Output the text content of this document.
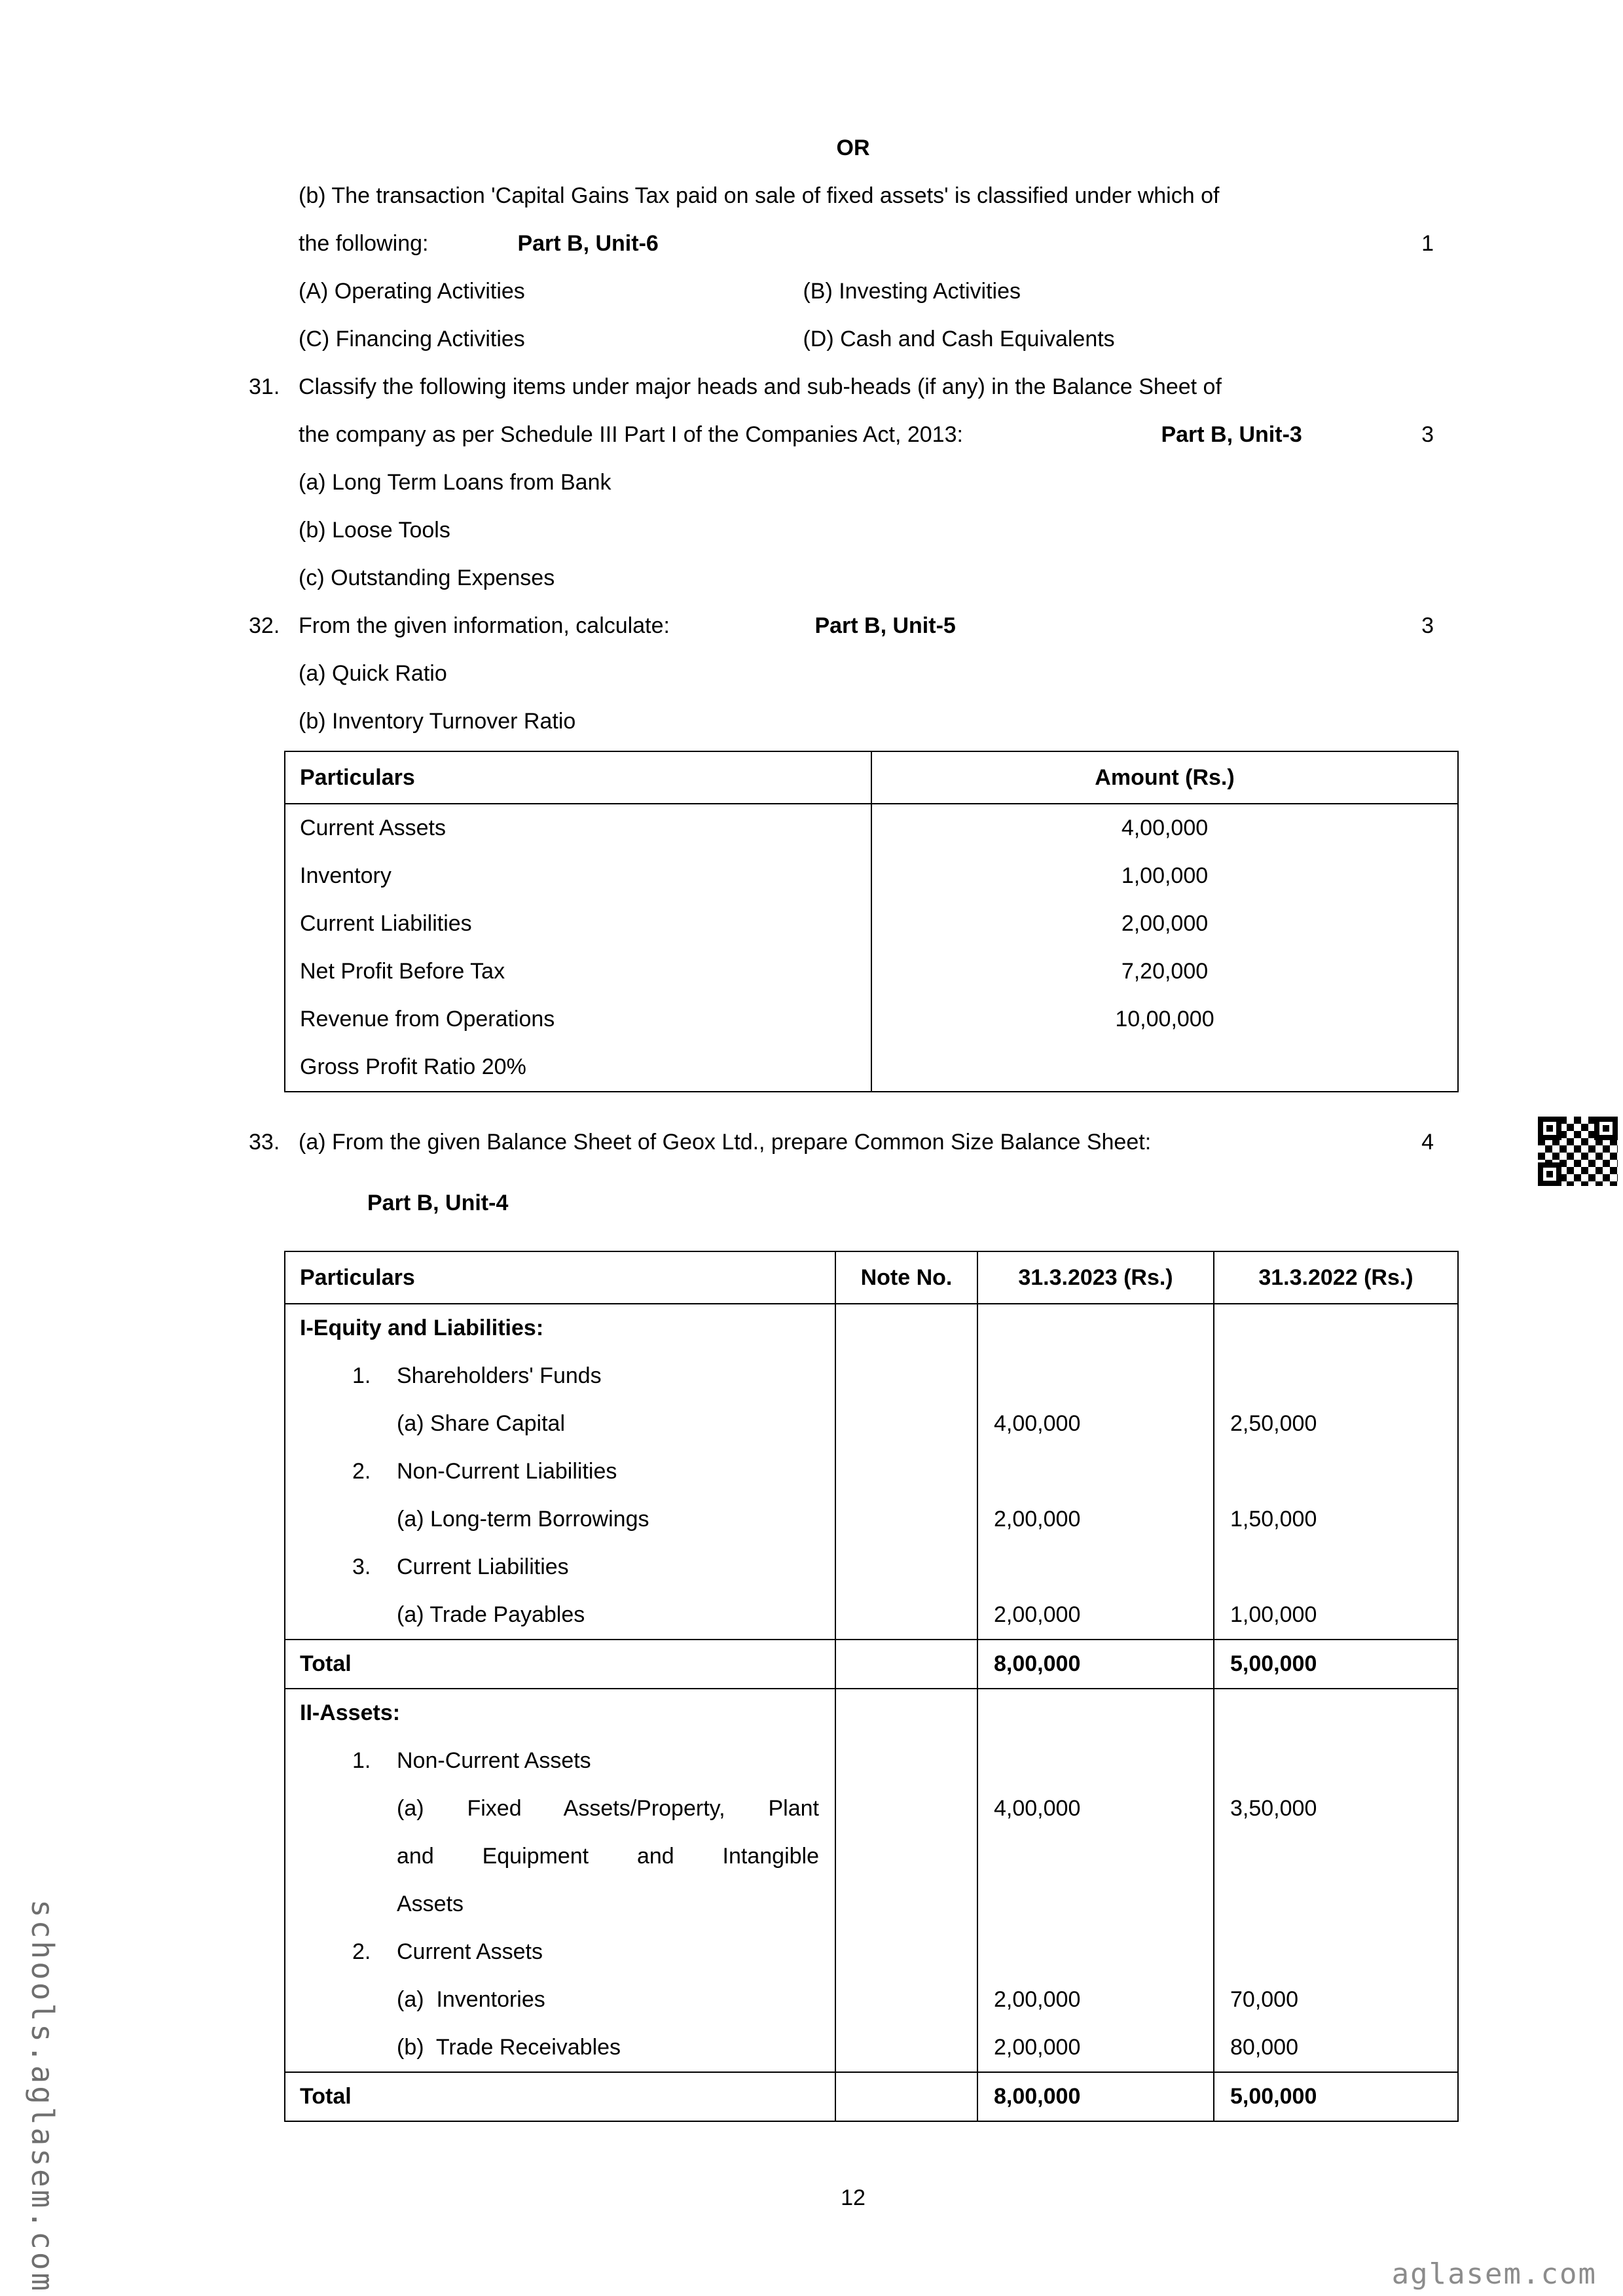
OR
(b) The transaction 'Capital Gains Tax paid on sale of fixed assets' is classified under which of
1
the following:	Part B, Unit-6
(A) Operating Activities	(B) Investing Activities
(C) Financing Activities	(D) Cash and Cash Equivalents
31. Classify the following items under major heads and sub-heads (if any) in the Balance Sheet of
3
the company as per Schedule III Part I of the Companies Act, 2013:	Part B, Unit-3
(a) Long Term Loans from Bank
(b) Loose Tools
(c) Outstanding Expenses
3
32. From the given information, calculate:	Part B, Unit-5
(a) Quick Ratio
(b) Inventory Turnover Ratio
Particulars	Amount (Rs.)
Current Assets	4,00,000
Inventory	1,00,000
Current Liabilities	2,00,000
Net Profit Before Tax	7,20,000
Revenue from Operations	10,00,000
Gross Profit Ratio 20%	
4
33. (a) From the given Balance Sheet of Geox Ltd., prepare Common Size Balance Sheet:
Part B, Unit-4
Particulars	Note No.	31.3.2023 (Rs.)	31.3.2022 (Rs.)
I-Equity and Liabilities:			
1. Shareholders' Funds			
(a) Share Capital		4,00,000	2,50,000
2. Non-Current Liabilities			
(a) Long-term Borrowings		2,00,000	1,50,000
3. Current Liabilities			
(a) Trade Payables		2,00,000	1,00,000
Total		8,00,000	5,00,000
II-Assets:			
1. Non-Current Assets			

(a) Fixed Assets/Property, Plant
and Equipment and Intangible
Assets		4,00,000	3,50,000
2. Current Assets			
(a)  Inventories		2,00,000	70,000
(b)  Trade Receivables		2,00,000	80,000
Total		8,00,000	5,00,000
12
schools.aglasem.com	aglasem.com
